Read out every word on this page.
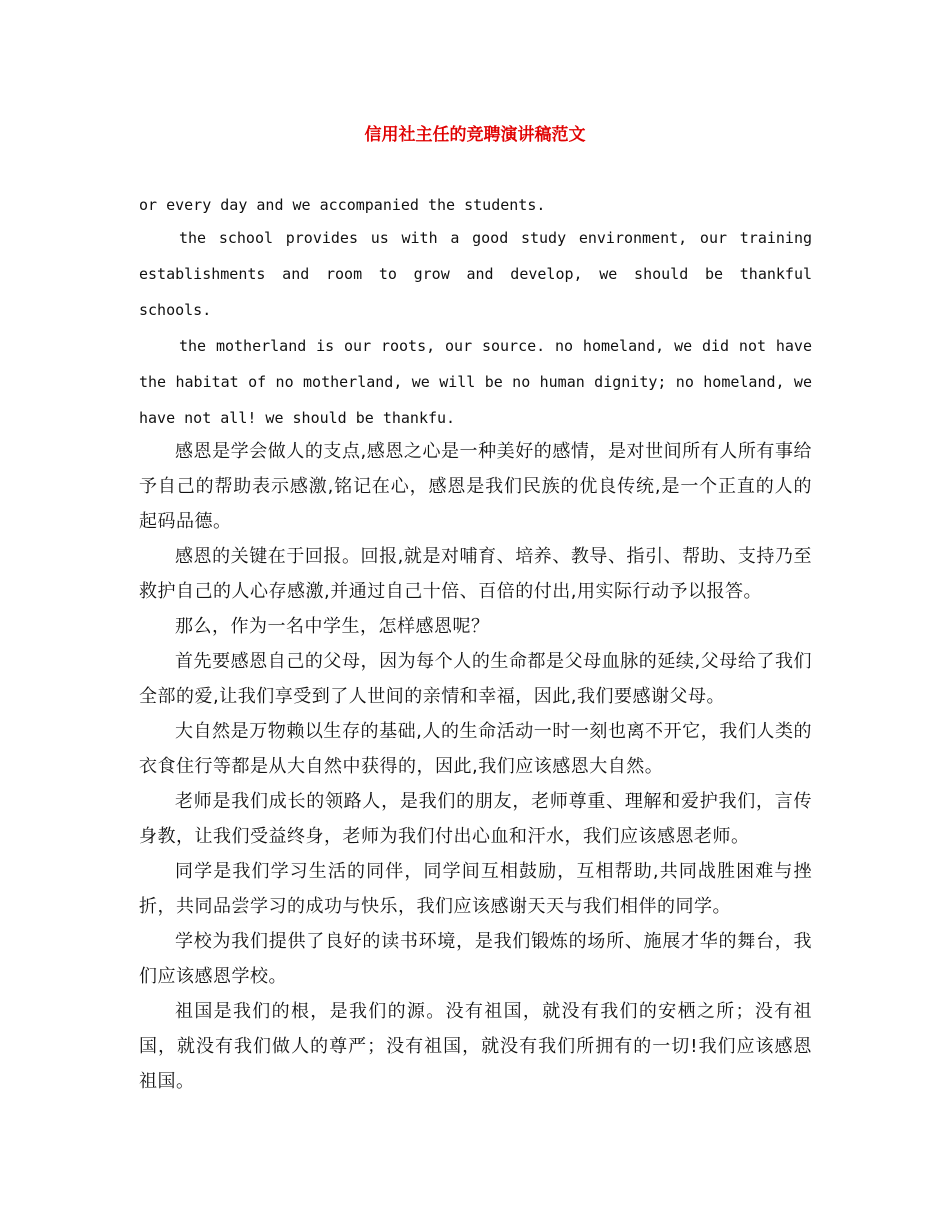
信用社主任的竞聘演讲稿范文

or every day and we accompanied the students.

the school provides us with a good study environment, our training establishments and room to grow and develop, we should be thankful schools.

the motherland is our roots, our source. no homeland, we did not have the habitat of no motherland, we will be no human dignity; no homeland, we have not all! we should be thankfu.

感恩是学会做人的支点,感恩之心是一种美好的感情，是对世间所有人所有事给予自己的帮助表示感激,铭记在心，感恩是我们民族的优良传统,是一个正直的人的起码品德。

感恩的关键在于回报。回报,就是对哺育、培养、教导、指引、帮助、支持乃至救护自己的人心存感激,并通过自己十倍、百倍的付出,用实际行动予以报答。

那么，作为一名中学生，怎样感恩呢？

首先要感恩自己的父母，因为每个人的生命都是父母血脉的延续,父母给了我们全部的爱,让我们享受到了人世间的亲情和幸福，因此,我们要感谢父母。

大自然是万物赖以生存的基础,人的生命活动一时一刻也离不开它，我们人类的衣食住行等都是从大自然中获得的，因此,我们应该感恩大自然。

老师是我们成长的领路人，是我们的朋友，老师尊重、理解和爱护我们，言传身教，让我们受益终身，老师为我们付出心血和汗水，我们应该感恩老师。

同学是我们学习生活的同伴，同学间互相鼓励，互相帮助,共同战胜困难与挫折，共同品尝学习的成功与快乐，我们应该感谢天天与我们相伴的同学。

学校为我们提供了良好的读书环境，是我们锻炼的场所、施展才华的舞台，我们应该感恩学校。

祖国是我们的根，是我们的源。没有祖国，就没有我们的安栖之所；没有祖国，就没有我们做人的尊严；没有祖国，就没有我们所拥有的一切!我们应该感恩祖国。
